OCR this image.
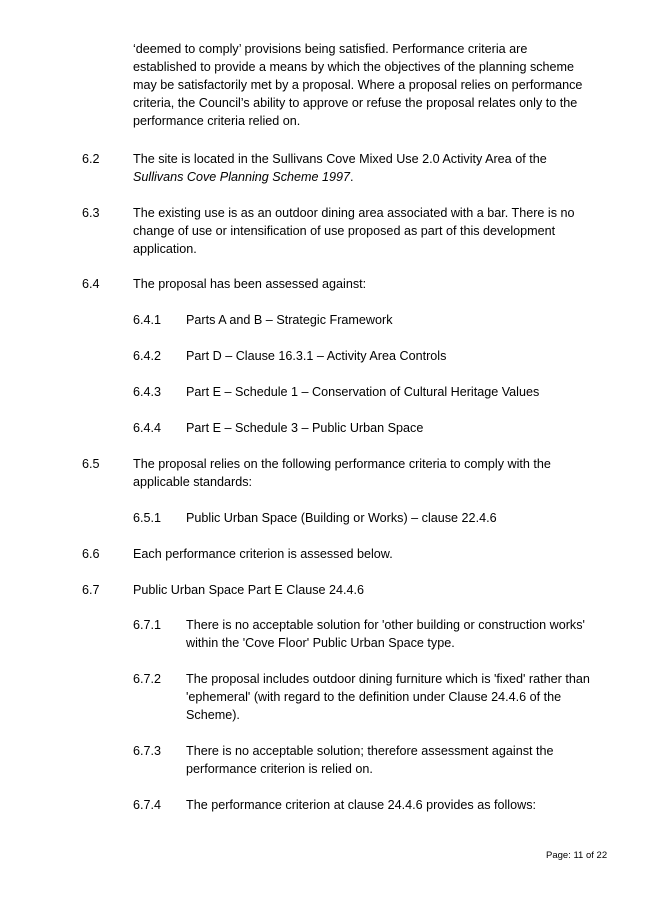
‘deemed to comply’ provisions being satisfied. Performance criteria are
established to provide a means by which the objectives of the planning scheme
may be satisfactorily met by a proposal. Where a proposal relies on performance
criteria, the Council’s ability to approve or refuse the proposal relates only to the
performance criteria relied on.
6.2	The site is located in the Sullivans Cove Mixed Use 2.0 Activity Area of the
Sullivans Cove Planning Scheme 1997.
6.3	The existing use is as an outdoor dining area associated with a bar. There is no
change of use or intensification of use proposed as part of this development
application.
6.4	The proposal has been assessed against:
6.4.1 Parts A and B – Strategic Framework
6.4.2 Part D – Clause 16.3.1 – Activity Area Controls
6.4.3 Part E – Schedule 1 – Conservation of Cultural Heritage Values
6.4.4 Part E – Schedule 3 – Public Urban Space
6.5	The proposal relies on the following performance criteria to comply with the
applicable standards:
6.5.1 Public Urban Space (Building or Works) – clause 22.4.6
6.6	Each performance criterion is assessed below.
6.7	Public Urban Space Part E Clause 24.4.6
6.7.1 There is no acceptable solution for 'other building or construction works'
within the 'Cove Floor' Public Urban Space type.
6.7.2 The proposal includes outdoor dining furniture which is 'fixed' rather than
'ephemeral' (with regard to the definition under Clause 24.4.6 of the
Scheme).
6.7.3 There is no acceptable solution; therefore assessment against the
performance criterion is relied on.
6.7.4 The performance criterion at clause 24.4.6 provides as follows:
Page: 11 of 22
